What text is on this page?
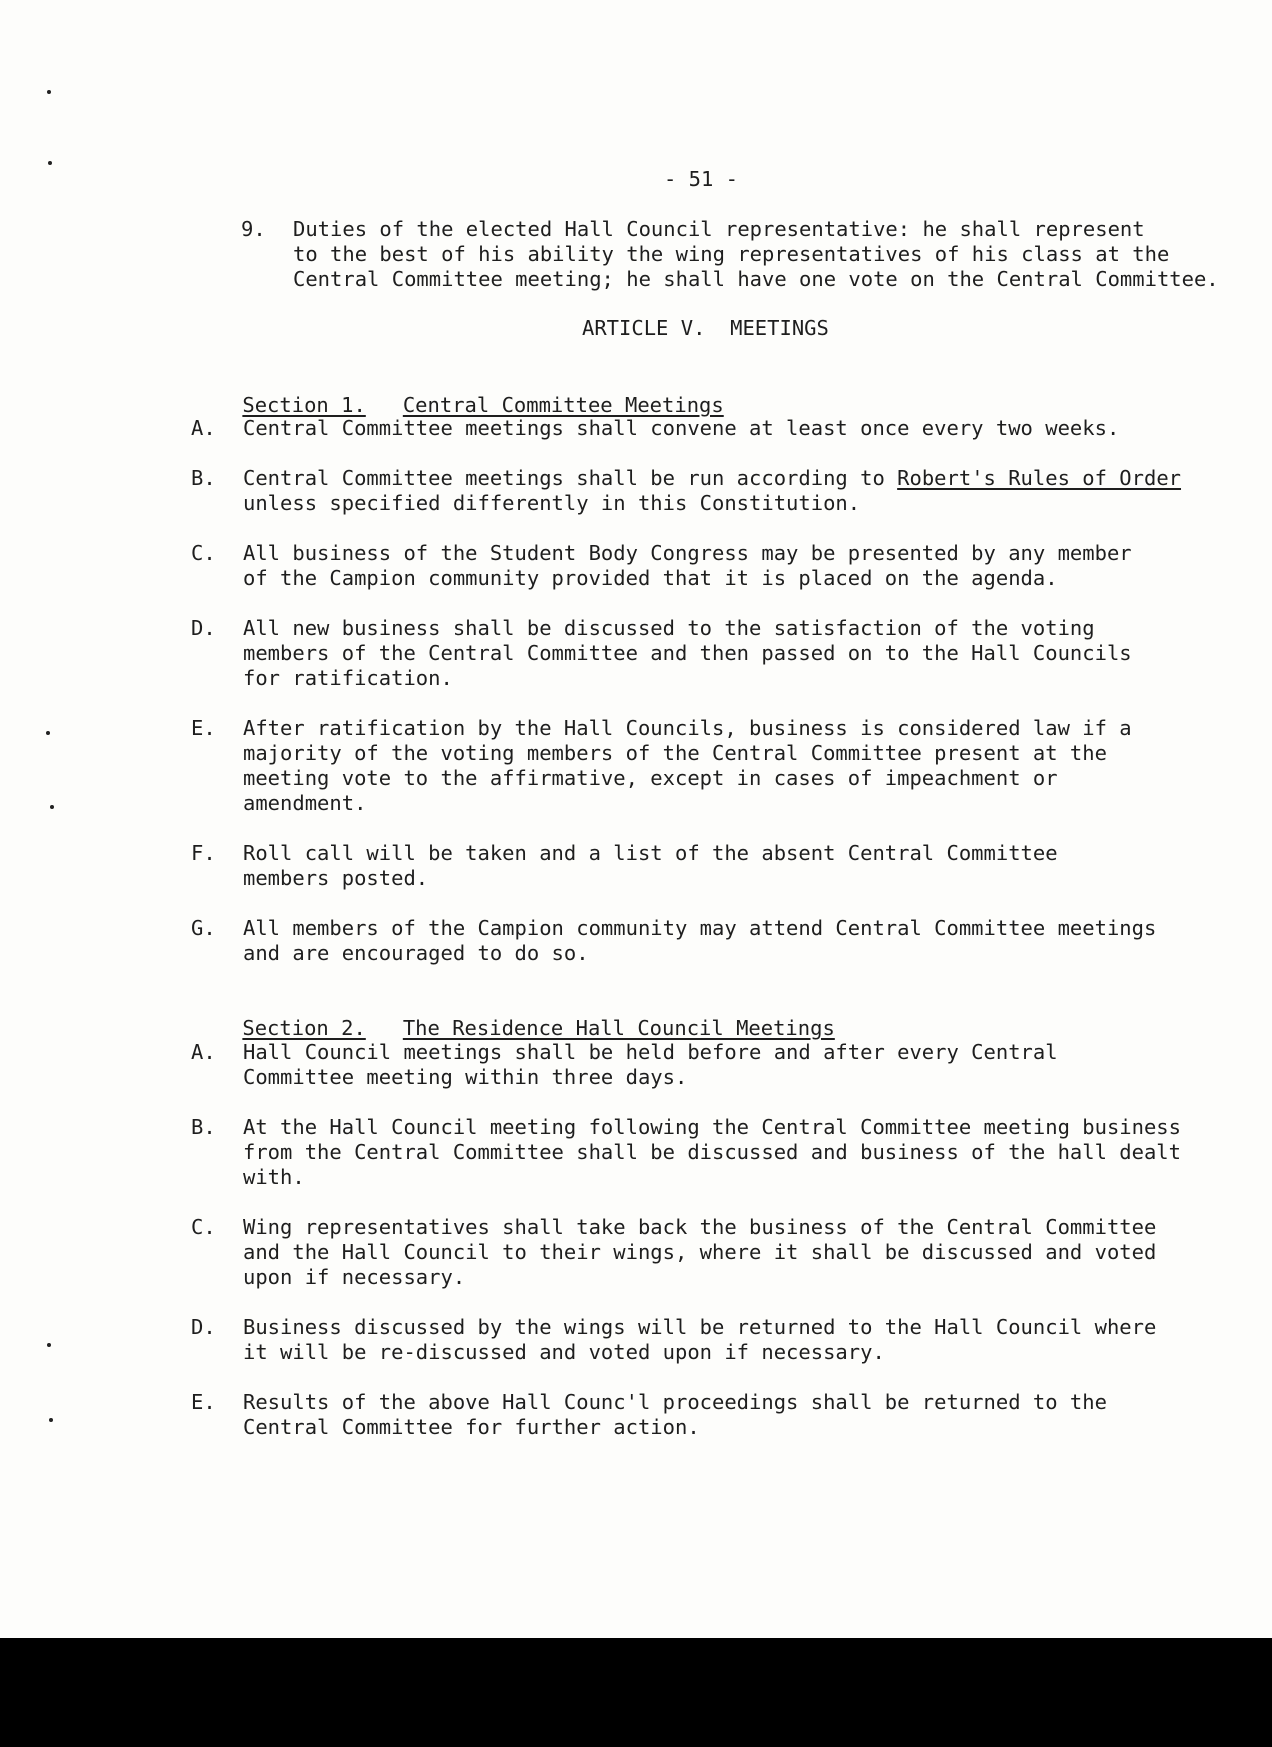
- 51 -
9. Duties of the elected Hall Council representative: he shall represent
to the best of his ability the wing representatives of his class at the
Central Committee meeting; he shall have one vote on the Central Committee.
ARTICLE V.  MEETINGS

Section 1. Central Committee Meetings

A. Central Committee meetings shall convene at least once every two weeks.
B. Central Committee meetings shall be run according to Robert's Rules of Order
unless specified differently in this Constitution.
C. All business of the Student Body Congress may be presented by any member
of the Campion community provided that it is placed on the agenda.
D. All new business shall be discussed to the satisfaction of the voting
members of the Central Committee and then passed on to the Hall Councils
for ratification.
E. After ratification by the Hall Councils, business is considered law if a
majority of the voting members of the Central Committee present at the
meeting vote to the affirmative, except in cases of impeachment or
amendment.
F. Roll call will be taken and a list of the absent Central Committee
members posted.
G. All members of the Campion community may attend Central Committee meetings
and are encouraged to do so.

Section 2. The Residence Hall Council Meetings

A. Hall Council meetings shall be held before and after every Central
Committee meeting within three days.
B. At the Hall Council meeting following the Central Committee meeting business
from the Central Committee shall be discussed and business of the hall dealt
with.
C. Wing representatives shall take back the business of the Central Committee
and the Hall Council to their wings, where it shall be discussed and voted
upon if necessary.
D. Business discussed by the wings will be returned to the Hall Council where
it will be re-discussed and voted upon if necessary.
E. Results of the above Hall Counc'l proceedings shall be returned to the
Central Committee for further action.
